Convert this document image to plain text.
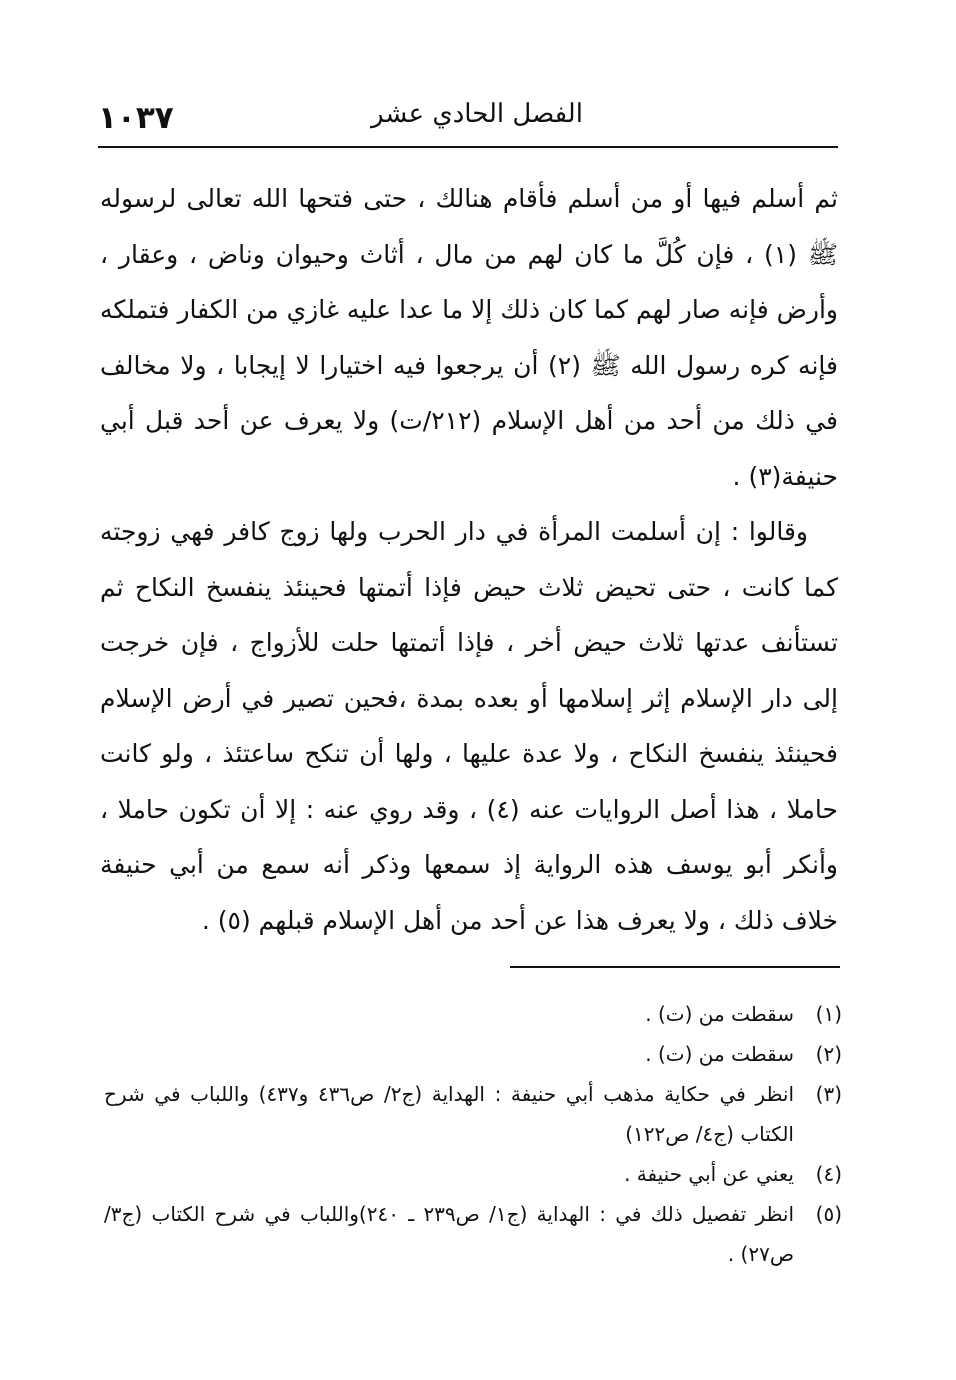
الفصل الحادي عشر
١٠٣٧

ثم أسلم فيها أو من أسلم فأقام هنالك ، حتى فتحها الله تعالى لرسوله ﷺ (١) ، فإن كُلَّ ما كان لهم من مال ، أثاث وحيوان وناض ، وعقار ، وأرض فإنه صار لهم كما كان ذلك إلا ما عدا عليه غازي من الكفار فتملكه فإنه كره رسول الله ﷺ (٢) أن يرجعوا فيه اختيارا لا إيجابا ، ولا مخالف في ذلك من أحد من أهل الإسلام (٢١٢/ت) ولا يعرف عن أحد قبل أبي حنيفة(٣) .

وقالوا : إن أسلمت المرأة في دار الحرب ولها زوج كافر فهي زوجته كما كانت ، حتى تحيض ثلاث حيض فإذا أتمتها فحينئذ ينفسخ النكاح ثم تستأنف عدتها ثلاث حيض أخر ، فإذا أتمتها حلت للأزواج ، فإن خرجت إلى دار الإسلام إثر إسلامها أو بعده بمدة ،فحين تصير في أرض الإسلام فحينئذ ينفسخ النكاح ، ولا عدة عليها ، ولها أن تنكح ساعتئذ ، ولو كانت حاملا ، هذا أصل الروايات عنه (٤) ، وقد روي عنه : إلا أن تكون حاملا ، وأنكر أبو يوسف هذه الرواية إذ سمعها وذكر أنه سمع من أبي حنيفة خلاف ذلك ، ولا يعرف هذا عن أحد من أهل الإسلام قبلهم (٥) .

(١)
سقطت من (ت) .
(٢)
سقطت من (ت) .
(٣)
انظر في حكاية مذهب أبي حنيفة : الهداية (ج٢/ ص٤٣٦ و٤٣٧) واللباب في شرح الكتاب (ج٤/ ص١٢٢)
(٤)
يعني عن أبي حنيفة .
(٥)
انظر تفصيل ذلك في : الهداية (ج١/ ص٢٣٩ ـ ٢٤٠)واللباب في شرح الكتاب (ج٣/ ص٢٧) .
